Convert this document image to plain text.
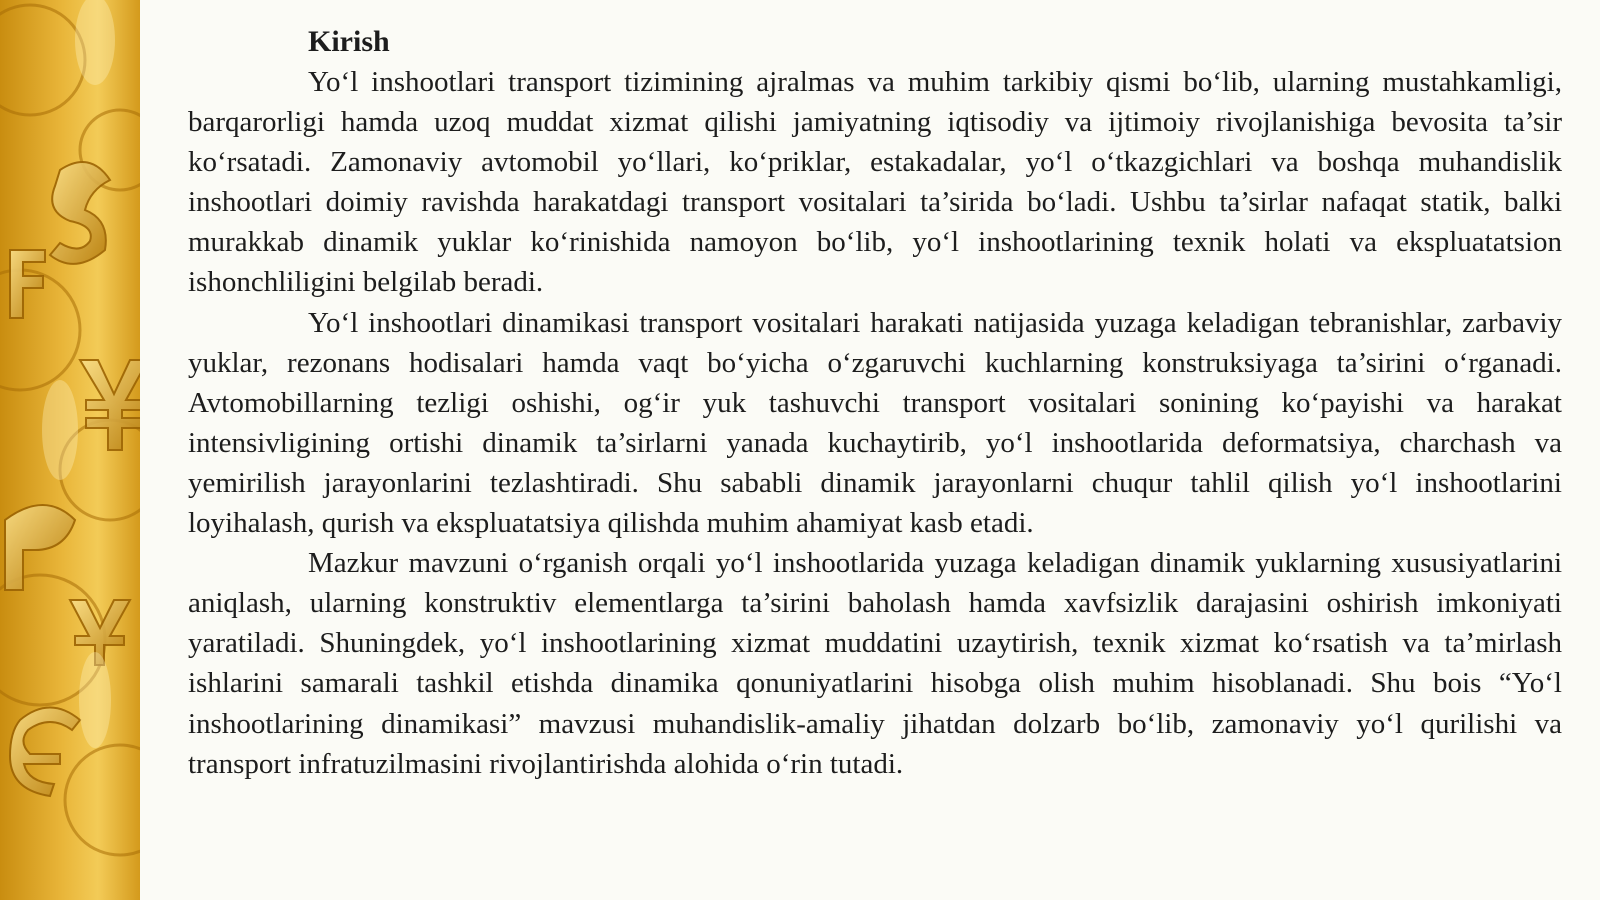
Kirish

Yo‘l inshootlari transport tizimining ajralmas va muhim tarkibiy qismi bo‘lib, ularning mustahkamligi, barqarorligi hamda uzoq muddat xizmat qilishi jamiyatning iqtisodiy va ijtimoiy rivojlanishiga bevosita ta’sir ko‘rsatadi. Zamonaviy avtomobil yo‘llari, ko‘priklar, estakadalar, yo‘l o‘tkazgichlari va boshqa muhandislik inshootlari doimiy ravishda harakatdagi transport vositalari ta’sirida bo‘ladi. Ushbu ta’sirlar nafaqat statik, balki murakkab dinamik yuklar ko‘rinishida namoyon bo‘lib, yo‘l inshootlarining texnik holati va ekspluatatsion ishonchliligini belgilab beradi.

Yo‘l inshootlari dinamikasi transport vositalari harakati natijasida yuzaga keladigan tebranishlar, zarbaviy yuklar, rezonans hodisalari hamda vaqt bo‘yicha o‘zgaruvchi kuchlarning konstruksiyaga ta’sirini o‘rganadi. Avtomobillarning tezligi oshishi, og‘ir yuk tashuvchi transport vositalari sonining ko‘payishi va harakat intensivligining ortishi dinamik ta’sirlarni yanada kuchaytirib, yo‘l inshootlarida deformatsiya, charchash va yemirilish jarayonlarini tezlashtiradi. Shu sababli dinamik jarayonlarni chuqur tahlil qilish yo‘l inshootlarini loyihalash, qurish va ekspluatatsiya qilishda muhim ahamiyat kasb etadi.

Mazkur mavzuni o‘rganish orqali yo‘l inshootlarida yuzaga keladigan dinamik yuklarning xususiyatlarini aniqlash, ularning konstruktiv elementlarga ta’sirini baholash hamda xavfsizlik darajasini oshirish imkoniyati yaratiladi. Shuningdek, yo‘l inshootlarining xizmat muddatini uzaytirish, texnik xizmat ko‘rsatish va ta’mirlash ishlarini samarali tashkil etishda dinamika qonuniyatlarini hisobga olish muhim hisoblanadi. Shu bois “Yo‘l inshootlarining dinamikasi” mavzusi muhandislik-amaliy jihatdan dolzarb bo‘lib, zamonaviy yo‘l qurilishi va transport infratuzilmasini rivojlantirishda alohida o‘rin tutadi.
